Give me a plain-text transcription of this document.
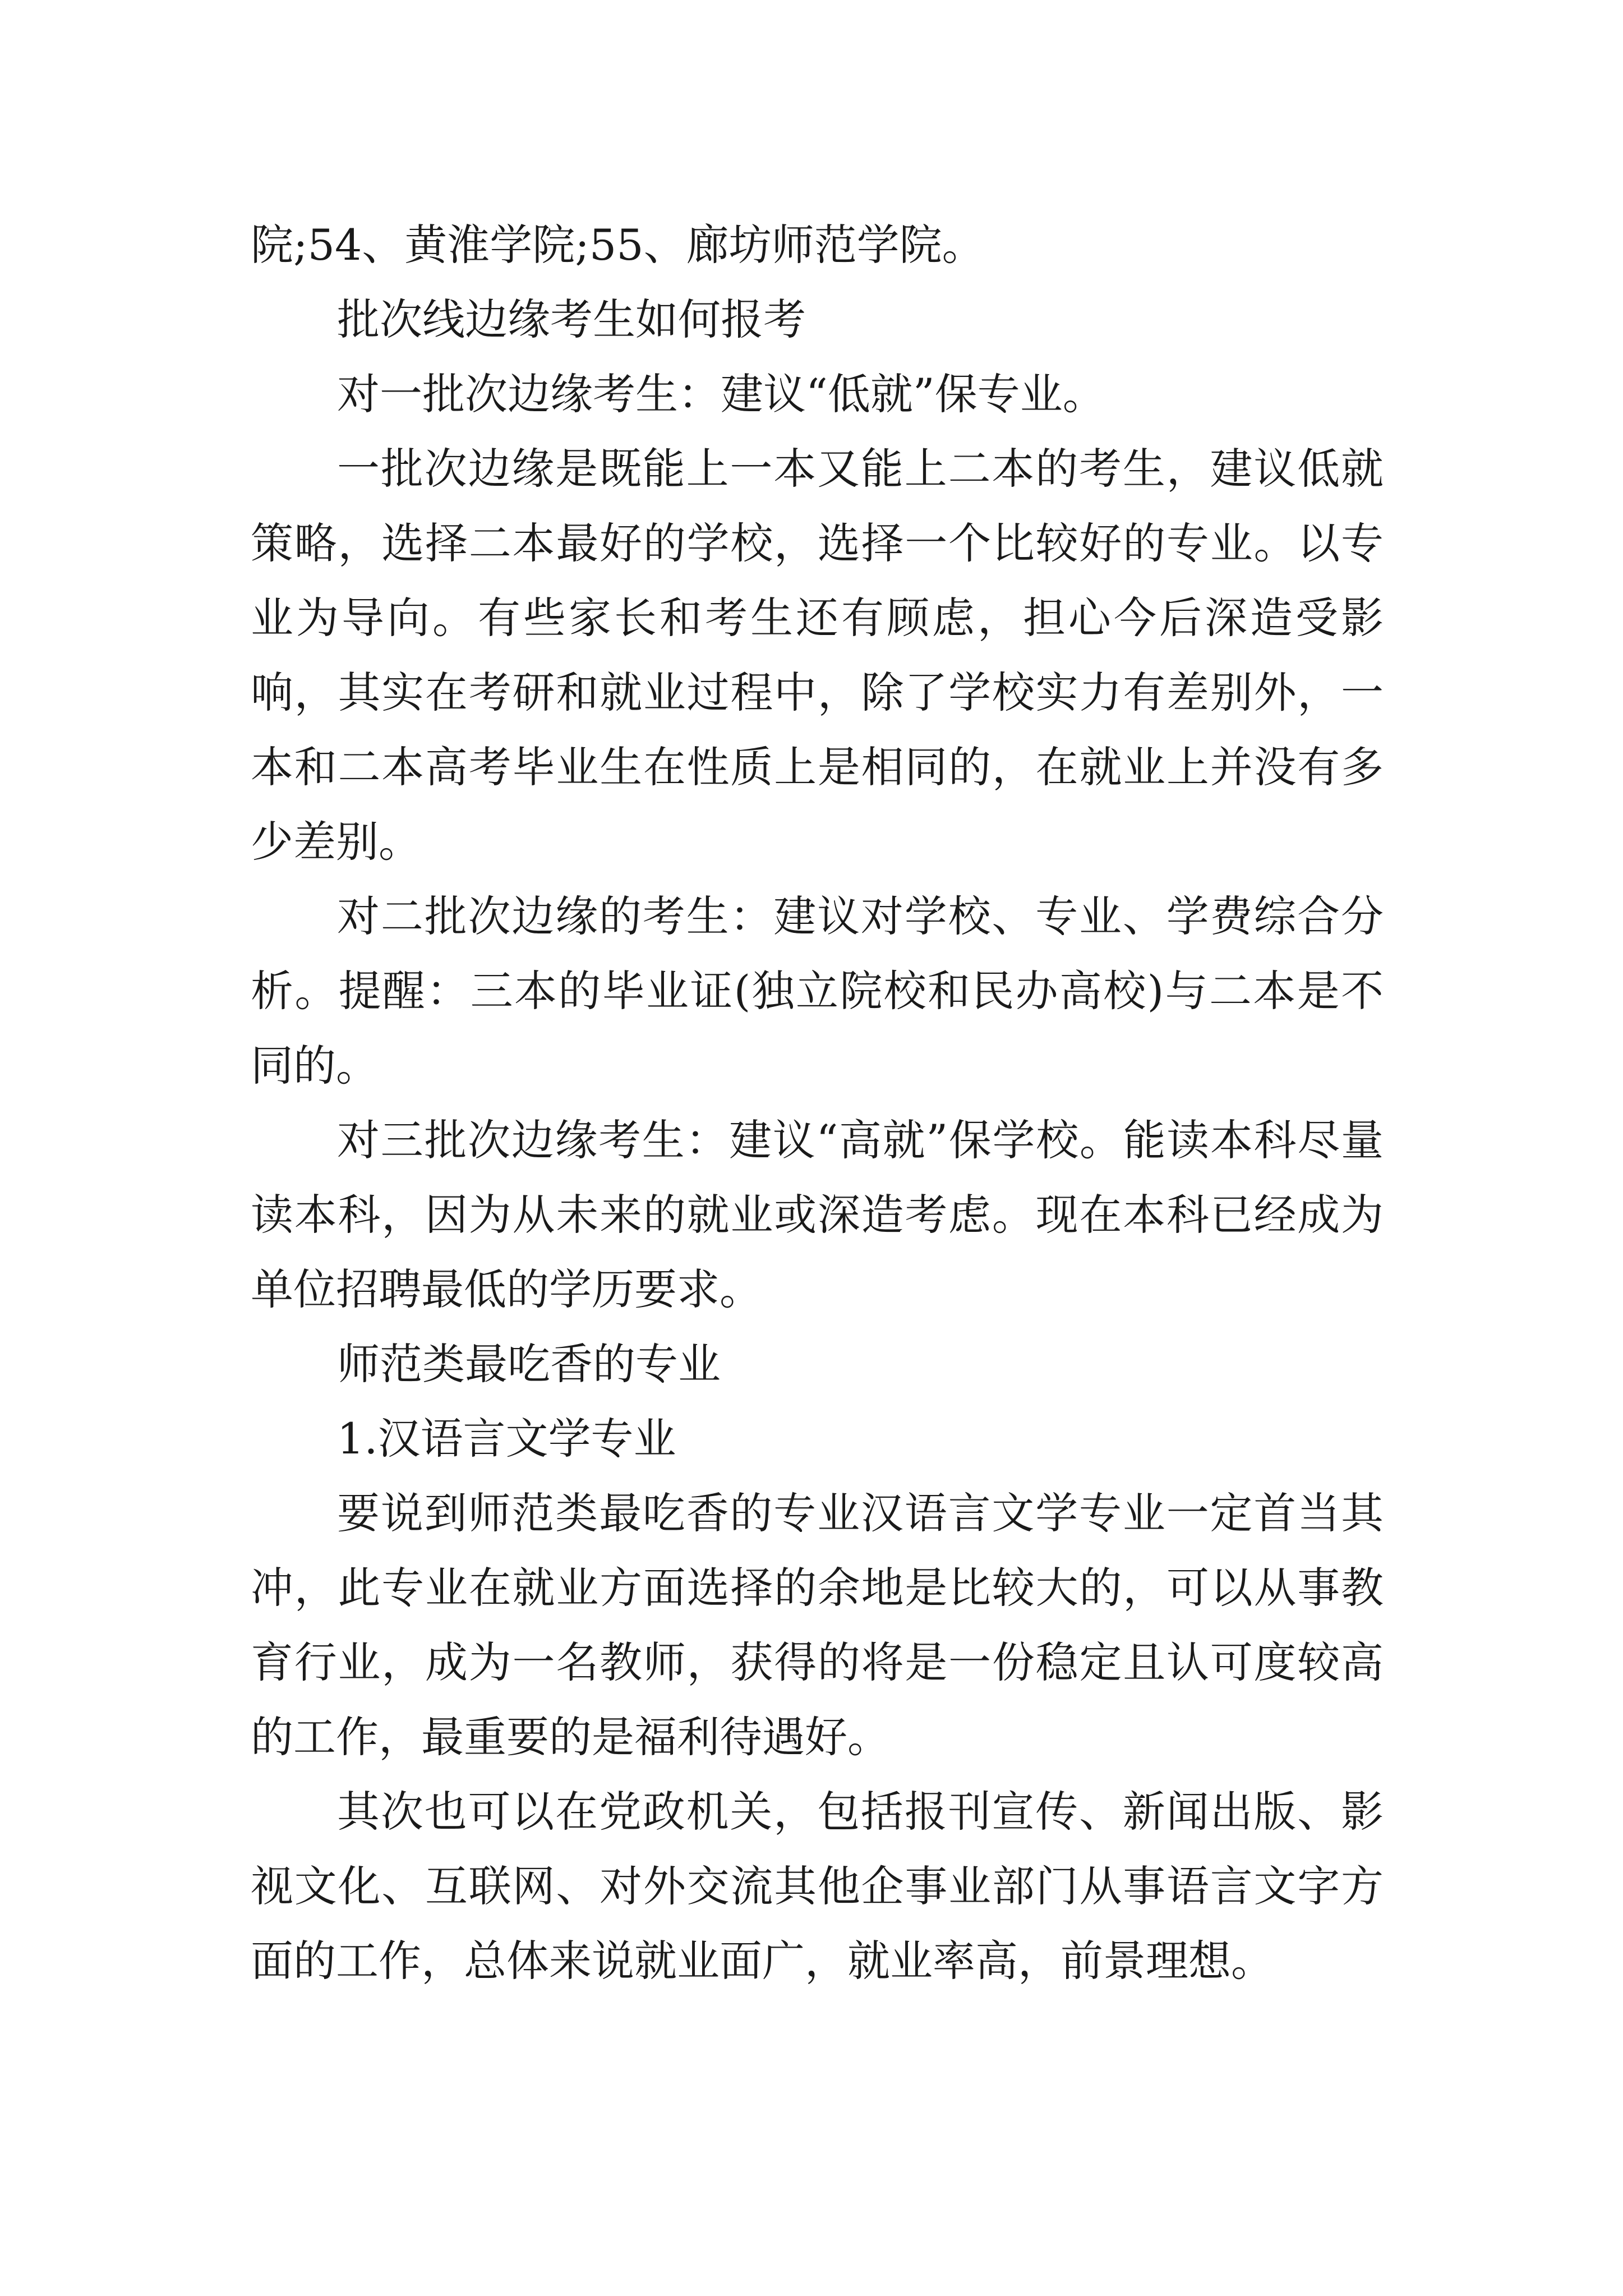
院;54、黄淮学院;55、廊坊师范学院。

批次线边缘考生如何报考

对一批次边缘考生：建议“低就”保专业。

一批次边缘是既能上一本又能上二本的考生，建议低就策略，选择二本最好的学校，选择一个比较好的专业。以专业为导向。有些家长和考生还有顾虑，担心今后深造受影响，其实在考研和就业过程中，除了学校实力有差别外，一本和二本高考毕业生在性质上是相同的，在就业上并没有多少差别。

对二批次边缘的考生：建议对学校、专业、学费综合分析。提醒：三本的毕业证(独立院校和民办高校)与二本是不同的。

对三批次边缘考生：建议“高就”保学校。能读本科尽量读本科，因为从未来的就业或深造考虑。现在本科已经成为单位招聘最低的学历要求。

师范类最吃香的专业

1.汉语言文学专业

要说到师范类最吃香的专业汉语言文学专业一定首当其冲，此专业在就业方面选择的余地是比较大的，可以从事教育行业，成为一名教师，获得的将是一份稳定且认可度较高的工作，最重要的是福利待遇好。

其次也可以在党政机关，包括报刊宣传、新闻出版、影视文化、互联网、对外交流其他企事业部门从事语言文字方面的工作，总体来说就业面广，就业率高，前景理想。
